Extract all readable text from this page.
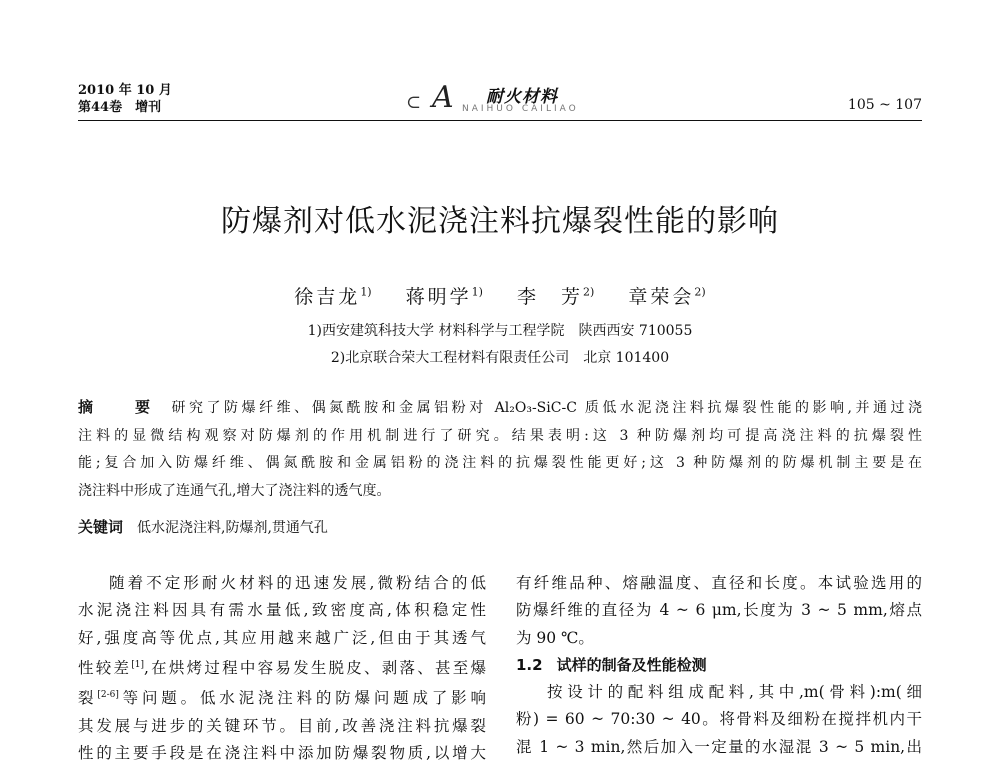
2010 年 10 月
第44卷　增刊	⊂ A 耐火材料
NAIHUO CAILIAO	105 ~ 107
防爆剂对低水泥浇注料抗爆裂性能的影响
徐吉龙$^{1)}$ 蒋明学$^{1)}$ 李　芳$^{2)}$ 章荣会$^{2)}$
1)西安建筑科技大学 材料科学与工程学院　陕西西安 710055
2)北京联合荣大工程材料有限责任公司　北京 101400
摘　要 研究了防爆纤维、偶氮酰胺和金属铝粉对 Al₂O₃-SiC-C 质低水泥浇注料抗爆裂性能的影响,并通过浇
注料的显微结构观察对防爆剂的作用机制进行了研究。结果表明:这 3 种防爆剂均可提高浇注料的抗爆裂性
能;复合加入防爆纤维、偶氮酰胺和金属铝粉的浇注料的抗爆裂性能更好;这 3 种防爆剂的防爆机制主要是在
浇注料中形成了连通气孔,增大了浇注料的透气度。
关键词 低水泥浇注料,防爆剂,贯通气孔
随着不定形耐火材料的迅速发展,微粉结合的低
水泥浇注料因具有需水量低,致密度高,体积稳定性
好,强度高等优点,其应用越来越广泛,但由于其透气
性较差[1],在烘烤过程中容易发生脱皮、剥落、甚至爆
裂[2-6]等问题。低水泥浇注料的防爆问题成了影响
其发展与进步的关键环节。目前,改善浇注料抗爆裂
性的主要手段是在浇注料中添加防爆裂物质,以增大
有纤维品种、熔融温度、直径和长度。本试验选用的
防爆纤维的直径为 4 ~ 6 μm,长度为 3 ~ 5 mm,熔点
为 90 ℃。
1.2 试样的制备及性能检测
按设计的配料组成配料,其中,m(骨料):m(细
粉) = 60 ~ 70:30 ~ 40。将骨料及细粉在搅拌机内干
混 1 ~ 3 min,然后加入一定量的水湿混 3 ~ 5 min,出
